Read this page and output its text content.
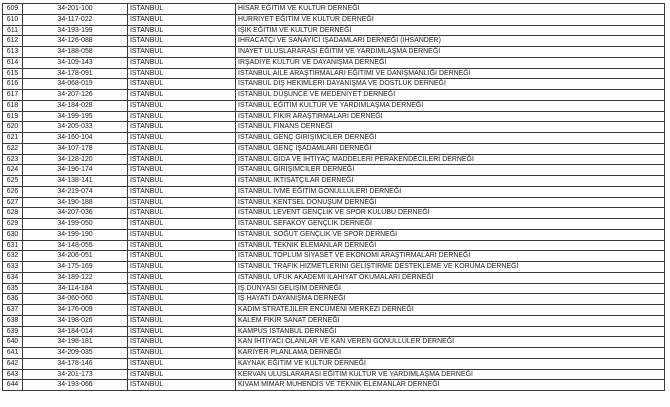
609	34-201-100	İSTANBUL	HİSAR EĞİTİM VE KÜLTÜR DERNEĞİ
610	34-117-022	İSTANBUL	HÜRRİYET EĞİTİM VE KÜLTÜR DERNEĞİ
611	34-193-199	İSTANBUL	IŞIK EĞİTİM VE KÜLTÜR DERNEĞİ
612	34-126-088	İSTANBUL	İHRACATÇI VE SANAYİCİ İŞADAMLARI DERNEĞİ (İHSANDER)
613	34-188-058	İSTANBUL	İNAYET ULUSLARARASI EĞİTİM VE YARDIMLAŞMA DERNEĞİ
614	34-109-143	İSTANBUL	İRŞADİYE KÜLTÜR VE DAYANIŞMA DERNEĞİ
615	34-178-091	İSTANBUL	İSTANBUL AİLE ARAŞTIRMALARI EĞİTİMİ VE DANIŞMANLIĞI DERNEĞİ
616	34-068-019	İSTANBUL	İSTANBUL DİŞ HEKİMLERİ DAYANIŞMA VE DOSTLUK DERNEĞİ
617	34-207-126	İSTANBUL	İSTANBUL DÜŞÜNCE VE MEDENİYET DERNEĞİ
618	34-184-028	İSTANBUL	İSTANBUL EĞİTİM KÜLTÜR VE YARDIMLAŞMA DERNEĞİ
619	34-199-195	İSTANBUL	İSTANBUL FİKİR ARAŞTIRMALARI DERNEĞİ
620	34-205-033	İSTANBUL	İSTANBUL FİNANS DERNEĞİ
621	34-160-104	İSTANBUL	İSTANBUL GENÇ GİRİŞİMCİLER DERNEĞİ
622	34-107-178	İSTANBUL	İSTANBUL GENÇ İŞADAMLARI DERNEĞİ
623	34-128-120	İSTANBUL	İSTANBUL GIDA VE İHTİYAÇ MADDELERİ PERAKENDECİLERİ DERNEĞİ
624	34-196-174	İSTANBUL	İSTANBUL GİRİŞİMCİLER DERNEĞİ
625	34-138-141	İSTANBUL	İSTANBUL İKTİSATÇILAR DERNEĞİ
626	34-219-074	İSTANBUL	İSTANBUL İVME EĞİTİM GÖNÜLLÜLERİ DERNEĞİ
627	34-190-188	İSTANBUL	İSTANBUL KENTSEL DÖNÜŞÜM DERNEĞİ
628	34-207-036	İSTANBUL	İSTANBUL LEVENT GENÇLİK VE SPOR KULÜBÜ DERNEĞİ
629	34-199-050	İSTANBUL	İSTANBUL SEFAKÖY GENÇLİK DERNEĞİ
630	34-199-190	İSTANBUL	İSTANBUL SÖĞÜT GENÇLİK VE SPOR DERNEĞİ
631	34-148-055	İSTANBUL	İSTANBUL TEKNİK ELEMANLAR DERNEĞİ
632	34-206-051	İSTANBUL	İSTANBUL TOPLUM SİYASET VE EKONOMİ ARAŞTIRMALARI DERNEĞİ
633	34-175-169	İSTANBUL	İSTANBUL TRAFİK HİZMETLERİNİ GELİŞTİRME DESTEKLEME VE KORUMA DERNEĞİ
634	34-189-122	İSTANBUL	İSTANBUL UFUK AKADEMİ İLAHİYAT OKUMALARI DERNEĞİ
635	34-114-184	İSTANBUL	İŞ DÜNYASI GELİŞİM DERNEĞİ
636	34-060-060	İSTANBUL	İŞ HAYATI DAYANIŞMA DERNEĞİ
637	34-176-009	İSTANBUL	KADİM STRATEJİLER ENCÜMENİ MERKEZİ DERNEĞİ
638	34-198-026	İSTANBUL	KALEM FİKİR SANAT DERNEĞİ
639	34-184-014	İSTANBUL	KAMPÜS İSTANBUL DERNEĞİ
640	34-198-181	İSTANBUL	KAN İHTİYACI OLANLAR VE KAN VEREN GÖNÜLLÜLER DERNEĞİ
641	34-209-035	İSTANBUL	KARİYER PLANLAMA DERNEĞİ
642	34-178-146	İSTANBUL	KAYNAK EĞİTİM VE KÜLTÜR DERNEĞİ
643	34-201-173	İSTANBUL	KERVAN ULUSLARARASI EĞİTİM KÜLTÜR VE YARDIMLAŞMA DERNEĞİ
644	34-193-066	İSTANBUL	KIVAM MİMAR MÜHENDİS VE TEKNİK ELEMANLAR DERNEĞİ
